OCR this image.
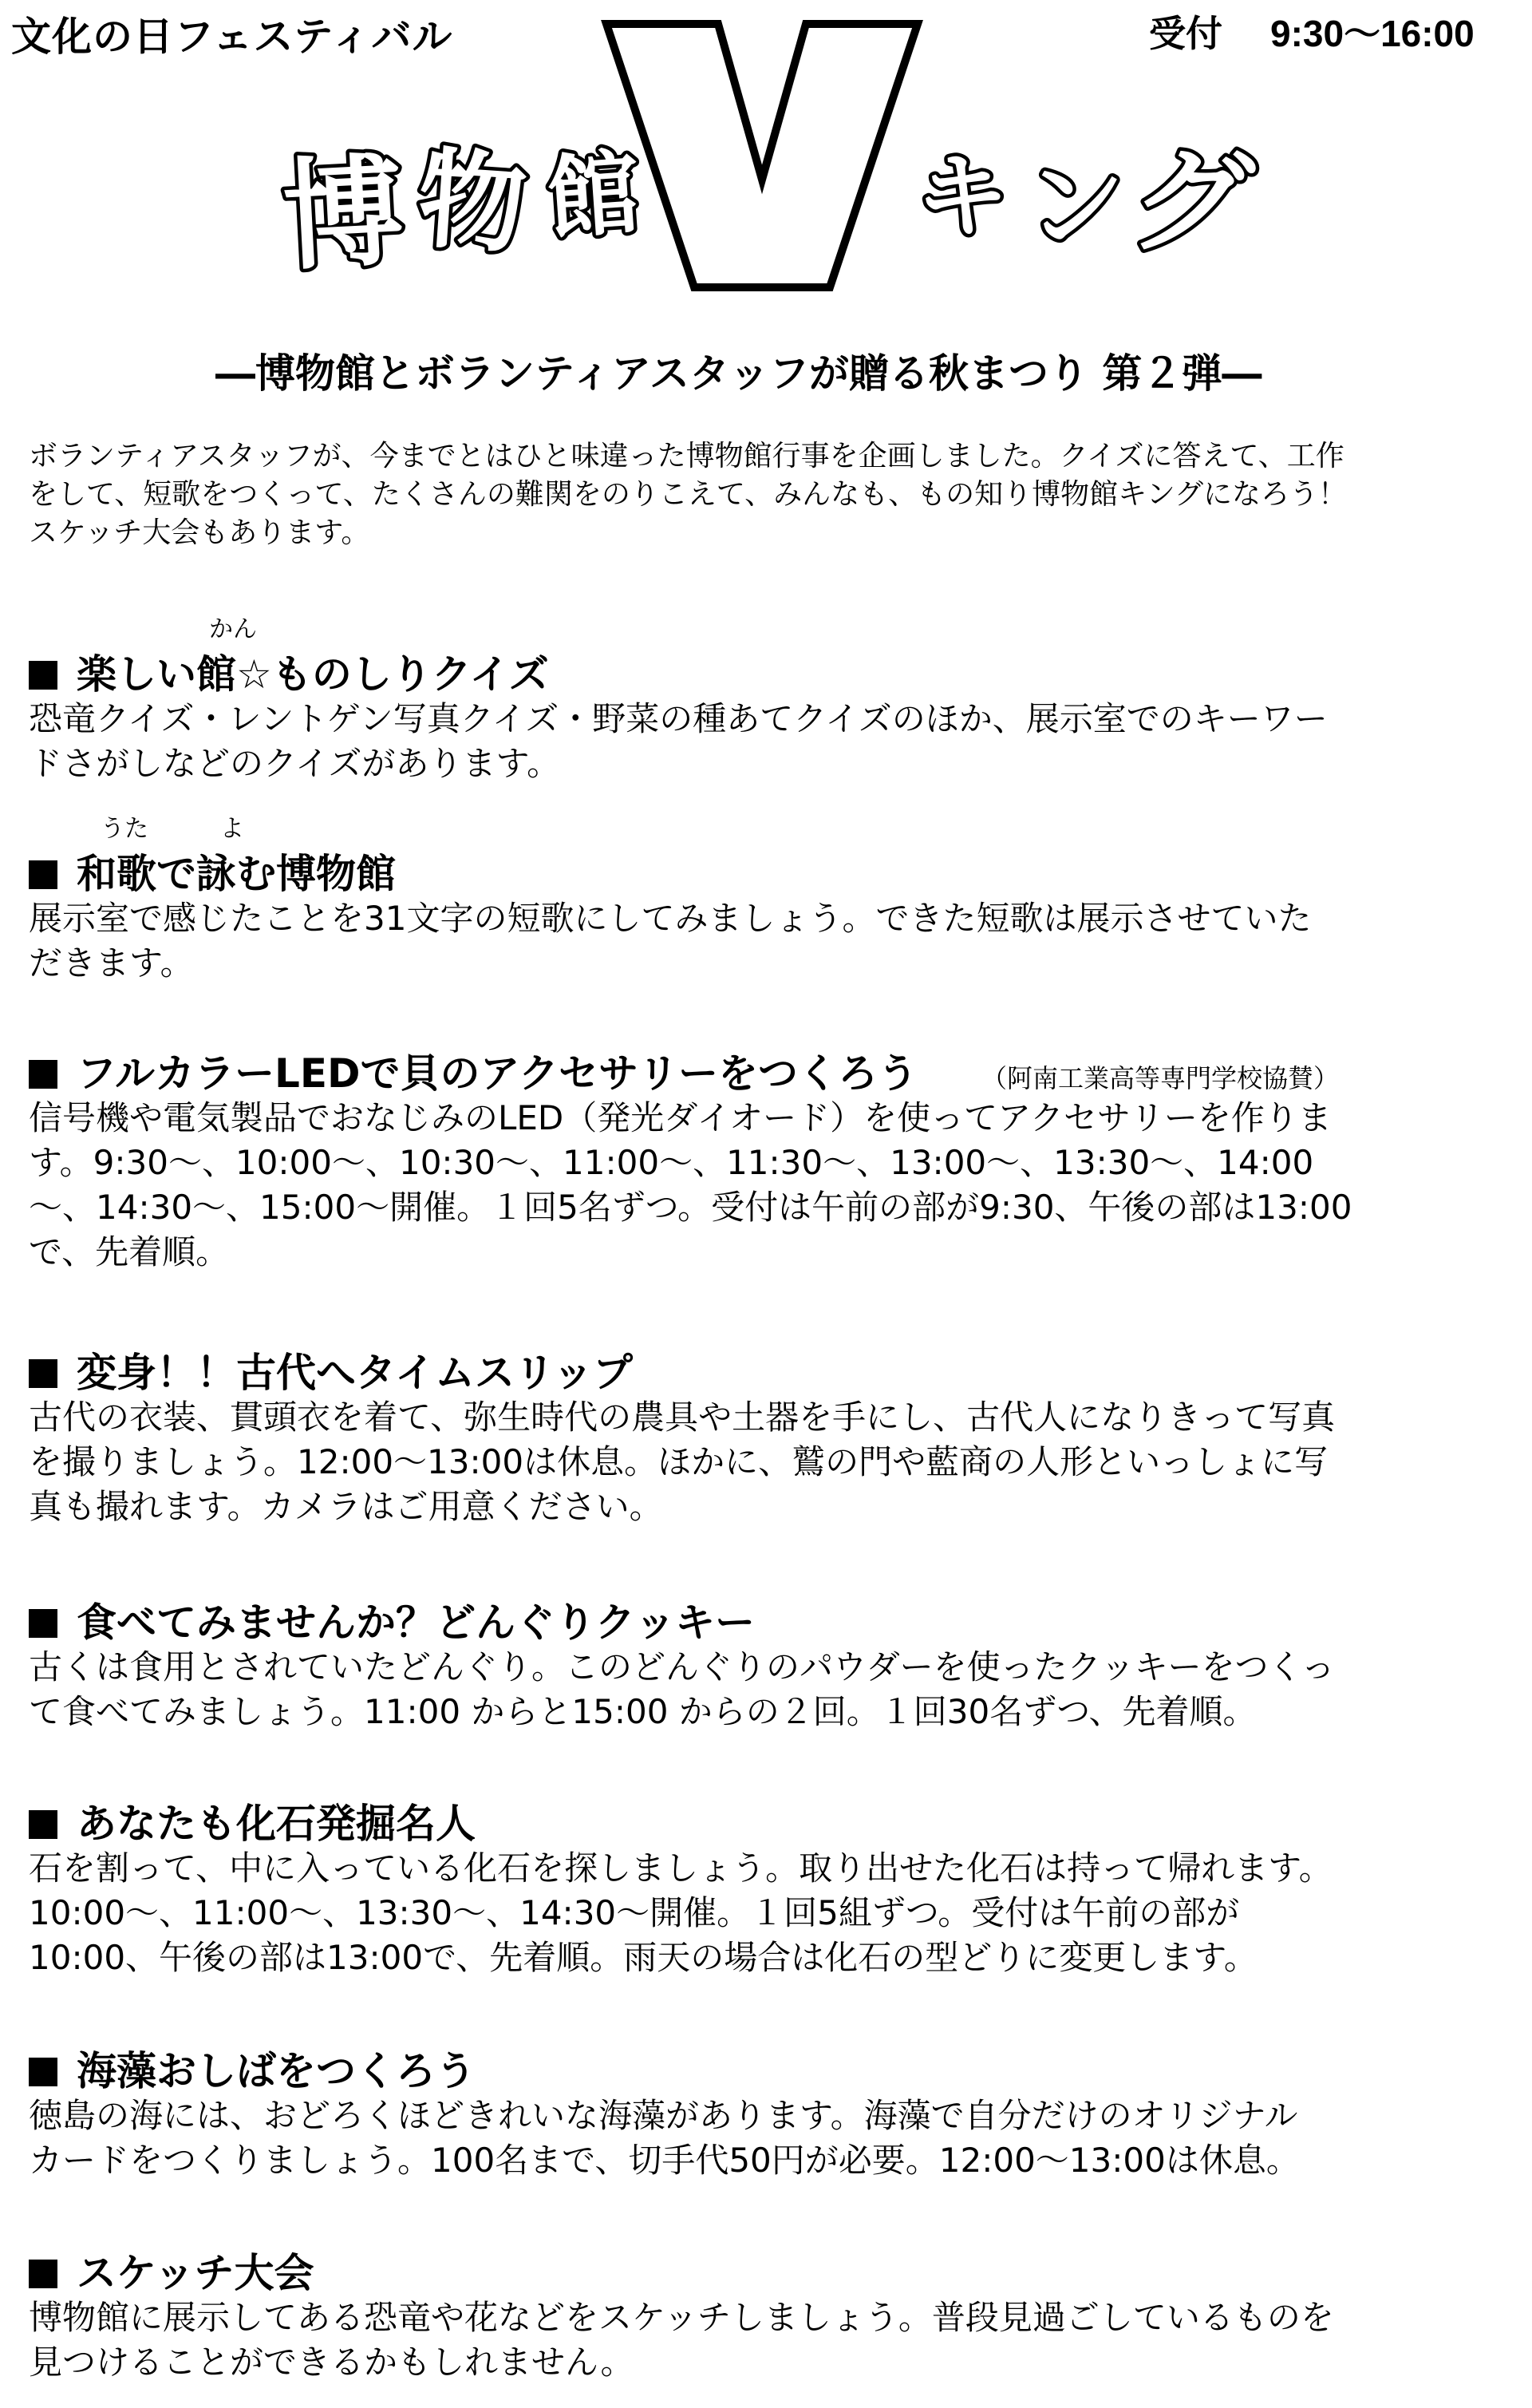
文化の日フェスティバル	受付 9:30〜16:00
博 物 館	キ ン
グ
―博物館とボランティアスタッフが贈る秋まつり 第２弾―

ボランティアスタッフが、今までとはひと味違った博物館行事を企画しました。クイズに答えて、工作
をして、短歌をつくって、たくさんの難関をのりこえて、みんなも、もの知り博物館キングになろう！
スケッチ大会もあります。

かん
楽しい館☆ものしりクイズ
恐竜クイズ・レントゲン写真クイズ・野菜の種あてクイズのほか、展示室でのキーワー
ドさがしなどのクイズがあります。
うた	よ
和歌で詠む博物館
展示室で感じたことを31文字の短歌にしてみましょう。できた短歌は展示させていた
だきます。
フルカラーLEDで貝のアクセサリーをつくろう	（阿南工業高等専門学校協賛）
信号機や電気製品でおなじみのLED（発光ダイオード）を使ってアクセサリーを作りま
す。9:30〜、10:00〜、10:30〜、11:00〜、11:30〜、13:00〜、13:30〜、14:00
〜、14:30〜、15:00〜開催。１回5名ずつ。受付は午前の部が9:30、午後の部は13:00
で、先着順。
変身！！古代へタイムスリップ
古代の衣装、貫頭衣を着て、弥生時代の農具や土器を手にし、古代人になりきって写真
を撮りましょう。12:00〜13:00は休息。ほかに、鷲の門や藍商の人形といっしょに写
真も撮れます。カメラはご用意ください。
食べてみませんか？どんぐりクッキー
古くは食用とされていたどんぐり。このどんぐりのパウダーを使ったクッキーをつくっ
て食べてみましょう。11:00 からと15:00 からの２回。１回30名ずつ、先着順。
あなたも化石発掘名人
石を割って、中に入っている化石を探しましょう。取り出せた化石は持って帰れます。
10:00〜、11:00〜、13:30〜、14:30〜開催。１回5組ずつ。受付は午前の部が
10:00、午後の部は13:00で、先着順。雨天の場合は化石の型どりに変更します。
海藻おしばをつくろう
徳島の海には、おどろくほどきれいな海藻があります。海藻で自分だけのオリジナル
カードをつくりましょう。100名まで、切手代50円が必要。12:00〜13:00は休息。
スケッチ大会
博物館に展示してある恐竜や花などをスケッチしましょう。普段見過ごしているものを
見つけることができるかもしれません。
